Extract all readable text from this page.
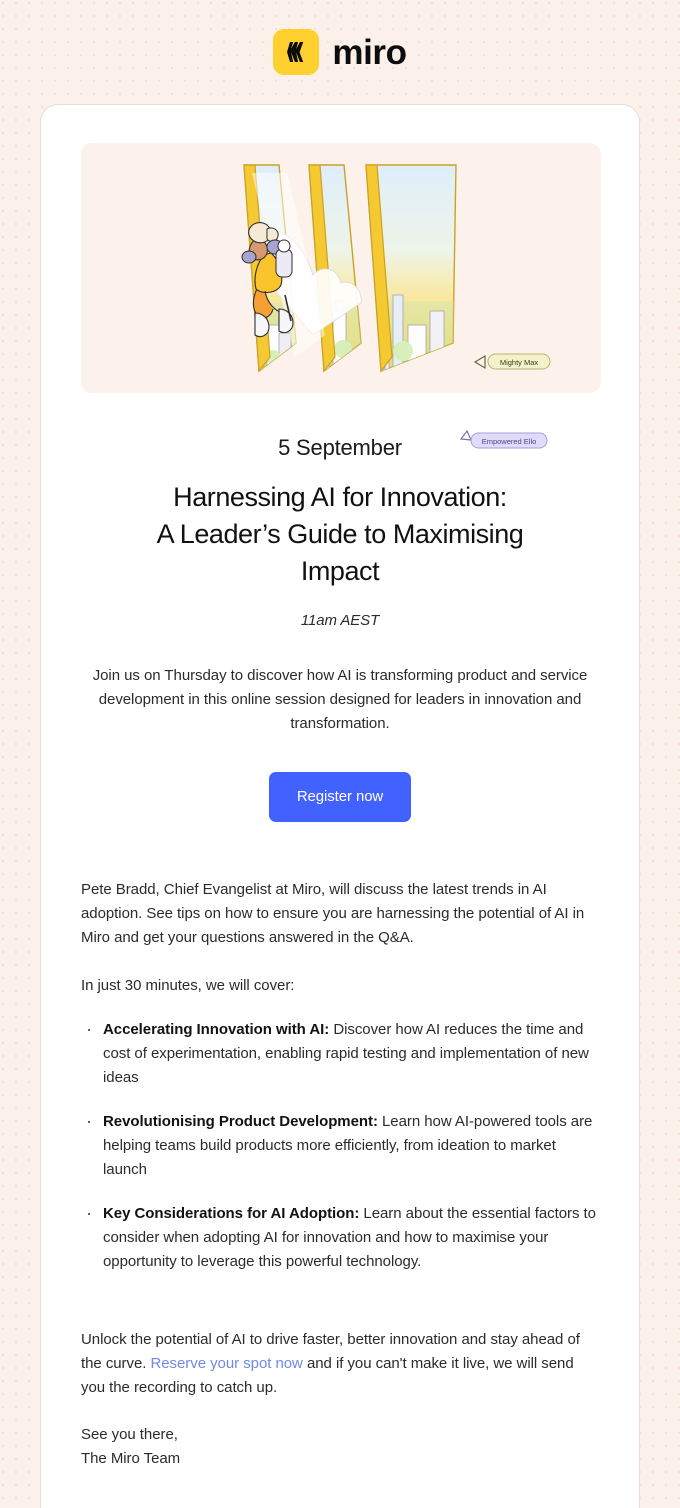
miro
Mighty Max
Empowered Ello
5 September
Harnessing AI for Innovation:
A Leader’s Guide to Maximising
Impact
11am AEST

Join us on Thursday to discover how AI is transforming product and service development in this online session designed for leaders in innovation and transformation.

Register now

Pete Bradd, Chief Evangelist at Miro, will discuss the latest trends in AI adoption. See tips on how to ensure you are harnessing the potential of AI in Miro and get your questions answered in the Q&A.

In just 30 minutes, we will cover:

· Accelerating Innovation with AI: Discover how AI reduces the time and cost of experimentation, enabling rapid testing and implementation of new ideas
· Revolutionising Product Development: Learn how AI-powered tools are helping teams build products more efficiently, from ideation to market launch
· Key Considerations for AI Adoption: Learn about the essential factors to consider when adopting AI for innovation and how to maximise your opportunity to leverage this powerful technology.

Unlock the potential of AI to drive faster, better innovation and stay ahead of the curve. Reserve your spot now and if you can't make it live, we will send you the recording to catch up.

See you there,
The Miro Team
